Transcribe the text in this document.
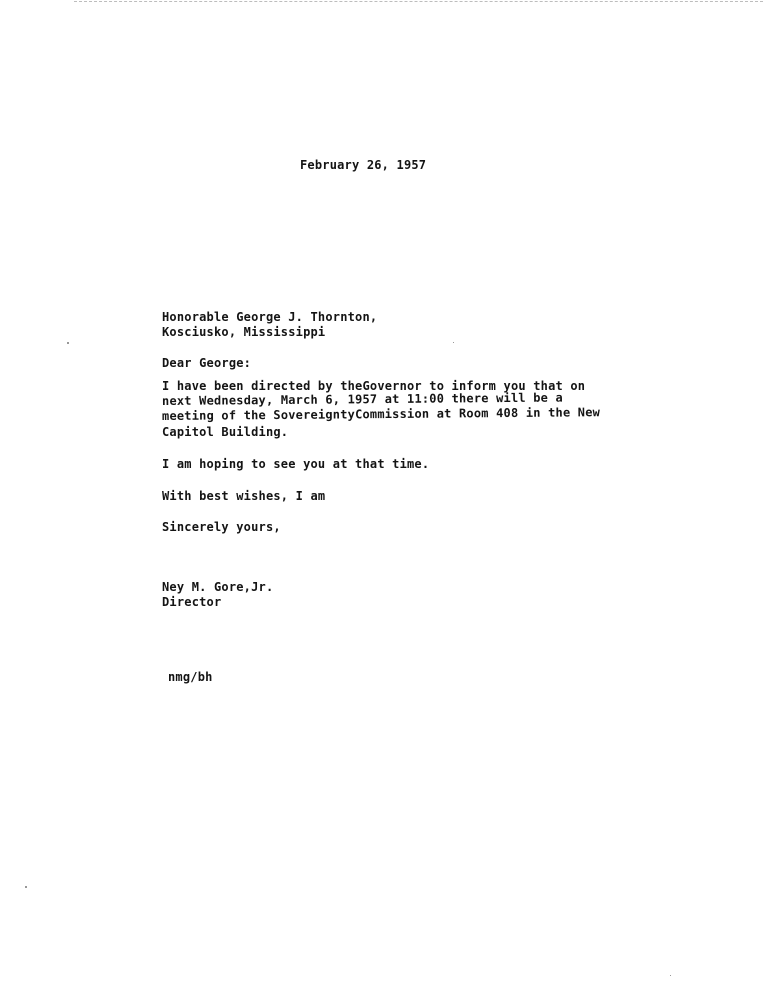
February 26, 1957
Honorable George J. Thornton,
Kosciusko, Mississippi
Dear George:
I have been directed by theGovernor to inform you that on
next Wednesday, March 6, 1957 at 11:00 there will be a
meeting of the SovereigntyCommission at Room 408 in the New
Capitol Building.
I am hoping to see you at that time.
With best wishes, I am
Sincerely yours,
Ney M. Gore,Jr.
Director
nmg/bh
